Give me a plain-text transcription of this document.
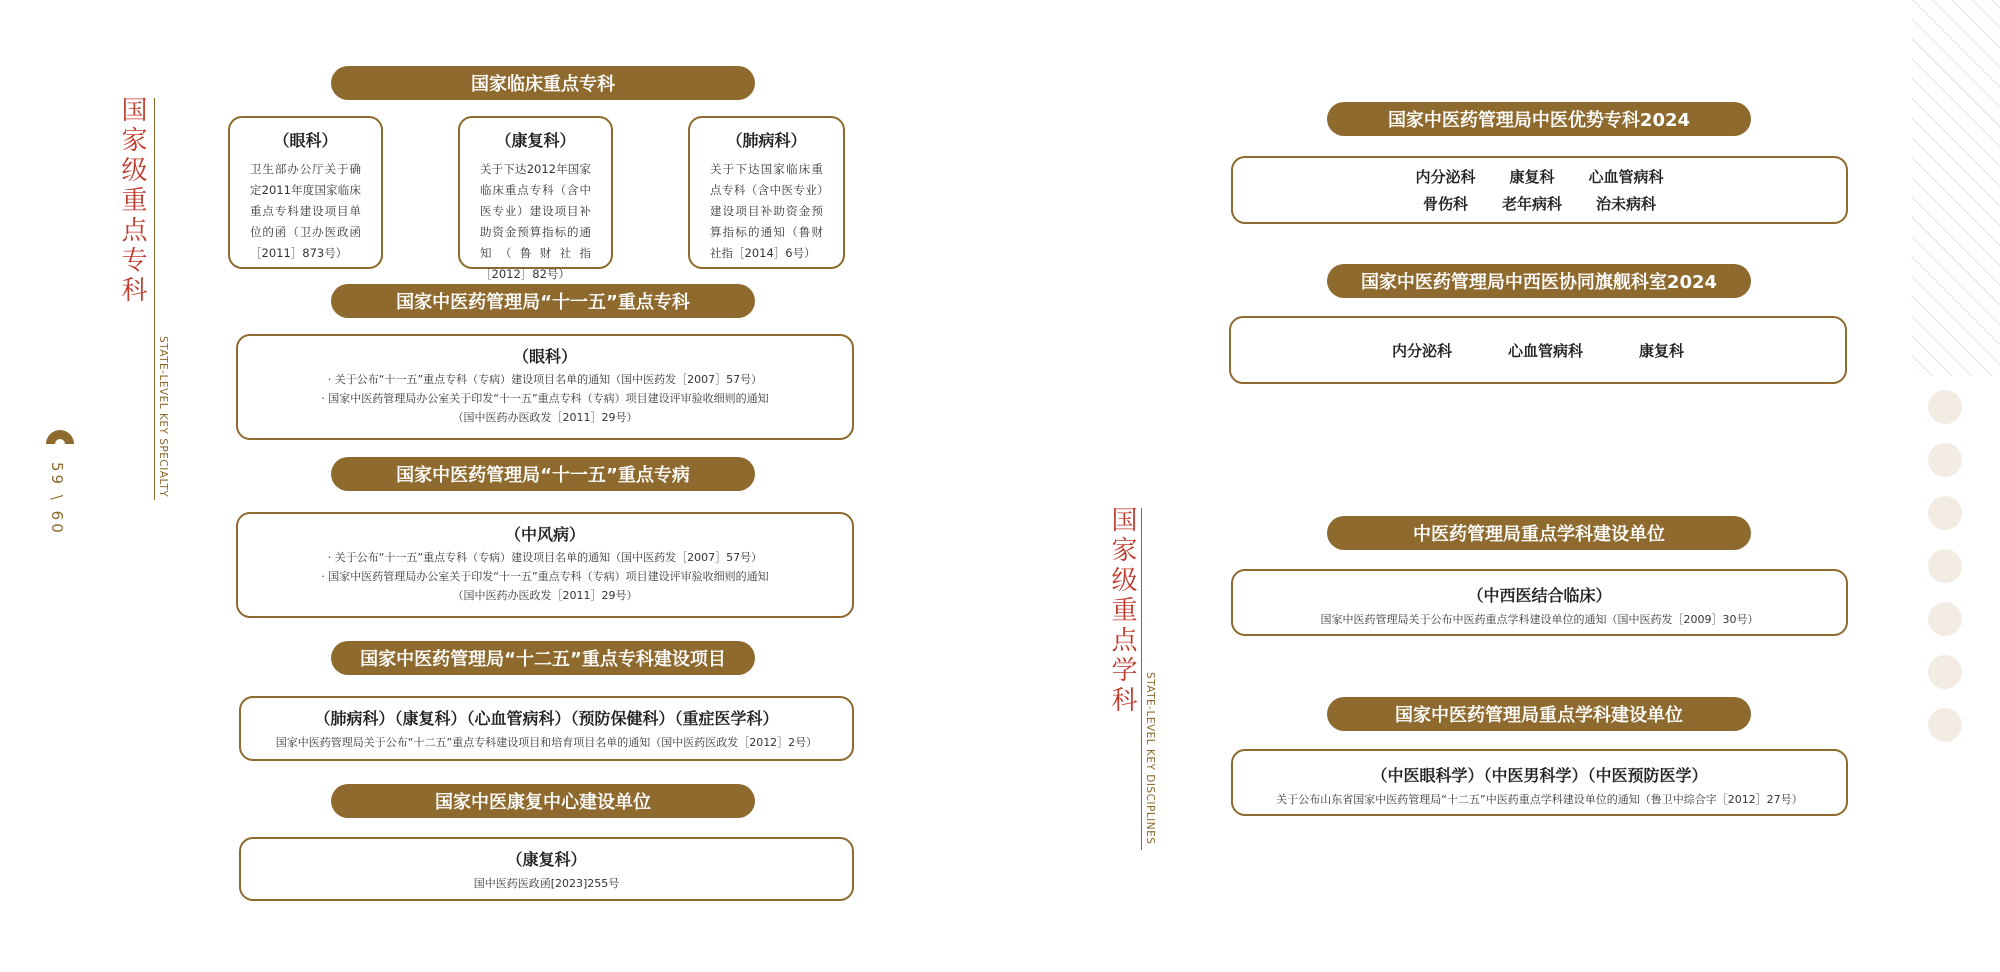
59 \ 60
国家级重点专科
STATE-LEVEL KEY SPECIALTY
国家临床重点专科
（眼科）
卫生部办公厅关于确定2011年度国家临床重点专科建设项目单位的函（卫办医政函［2011］873号）
（康复科）
关于下达2012年国家临床重点专科（含中医专业）建设项目补助资金预算指标的通知（鲁财社指［2012］82号）
（肺病科）
关于下达国家临床重点专科（含中医专业）建设项目补助资金预算指标的通知（鲁财社指［2014］6号）
国家中医药管理局“十一五”重点专科
（眼科）
· 关于公布“十一五”重点专科（专病）建设项目名单的通知（国中医药发［2007］57号）
· 国家中医药管理局办公室关于印发“十一五”重点专科（专病）项目建设评审验收细则的通知
（国中医药办医政发［2011］29号）
国家中医药管理局“十一五”重点专病
（中风病）
· 关于公布“十一五”重点专科（专病）建设项目名单的通知（国中医药发［2007］57号）
· 国家中医药管理局办公室关于印发“十一五”重点专科（专病）项目建设评审验收细则的通知
（国中医药办医政发［2011］29号）
国家中医药管理局“十二五”重点专科建设项目
（肺病科）（康复科）（心血管病科）（预防保健科）（重症医学科）
国家中医药管理局关于公布“十二五”重点专科建设项目和培育项目名单的通知（国中医药医政发［2012］2号）
国家中医康复中心建设单位
（康复科）
国中医药医政函[2023]255号
国家级重点学科
STATE-LEVEL KEY DISCIPLINES
国家中医药管理局中医优势专科2024
内分泌科 康复科 心血管病科
骨伤科 老年病科 治未病科
国家中医药管理局中西医协同旗舰科室2024
内分泌科	心血管病科	康复科
中医药管理局重点学科建设单位
（中西医结合临床）
国家中医药管理局关于公布中医药重点学科建设单位的通知（国中医药发［2009］30号）
国家中医药管理局重点学科建设单位
（中医眼科学）（中医男科学）（中医预防医学）
关于公布山东省国家中医药管理局“十二五”中医药重点学科建设单位的通知（鲁卫中综合字［2012］27号）
